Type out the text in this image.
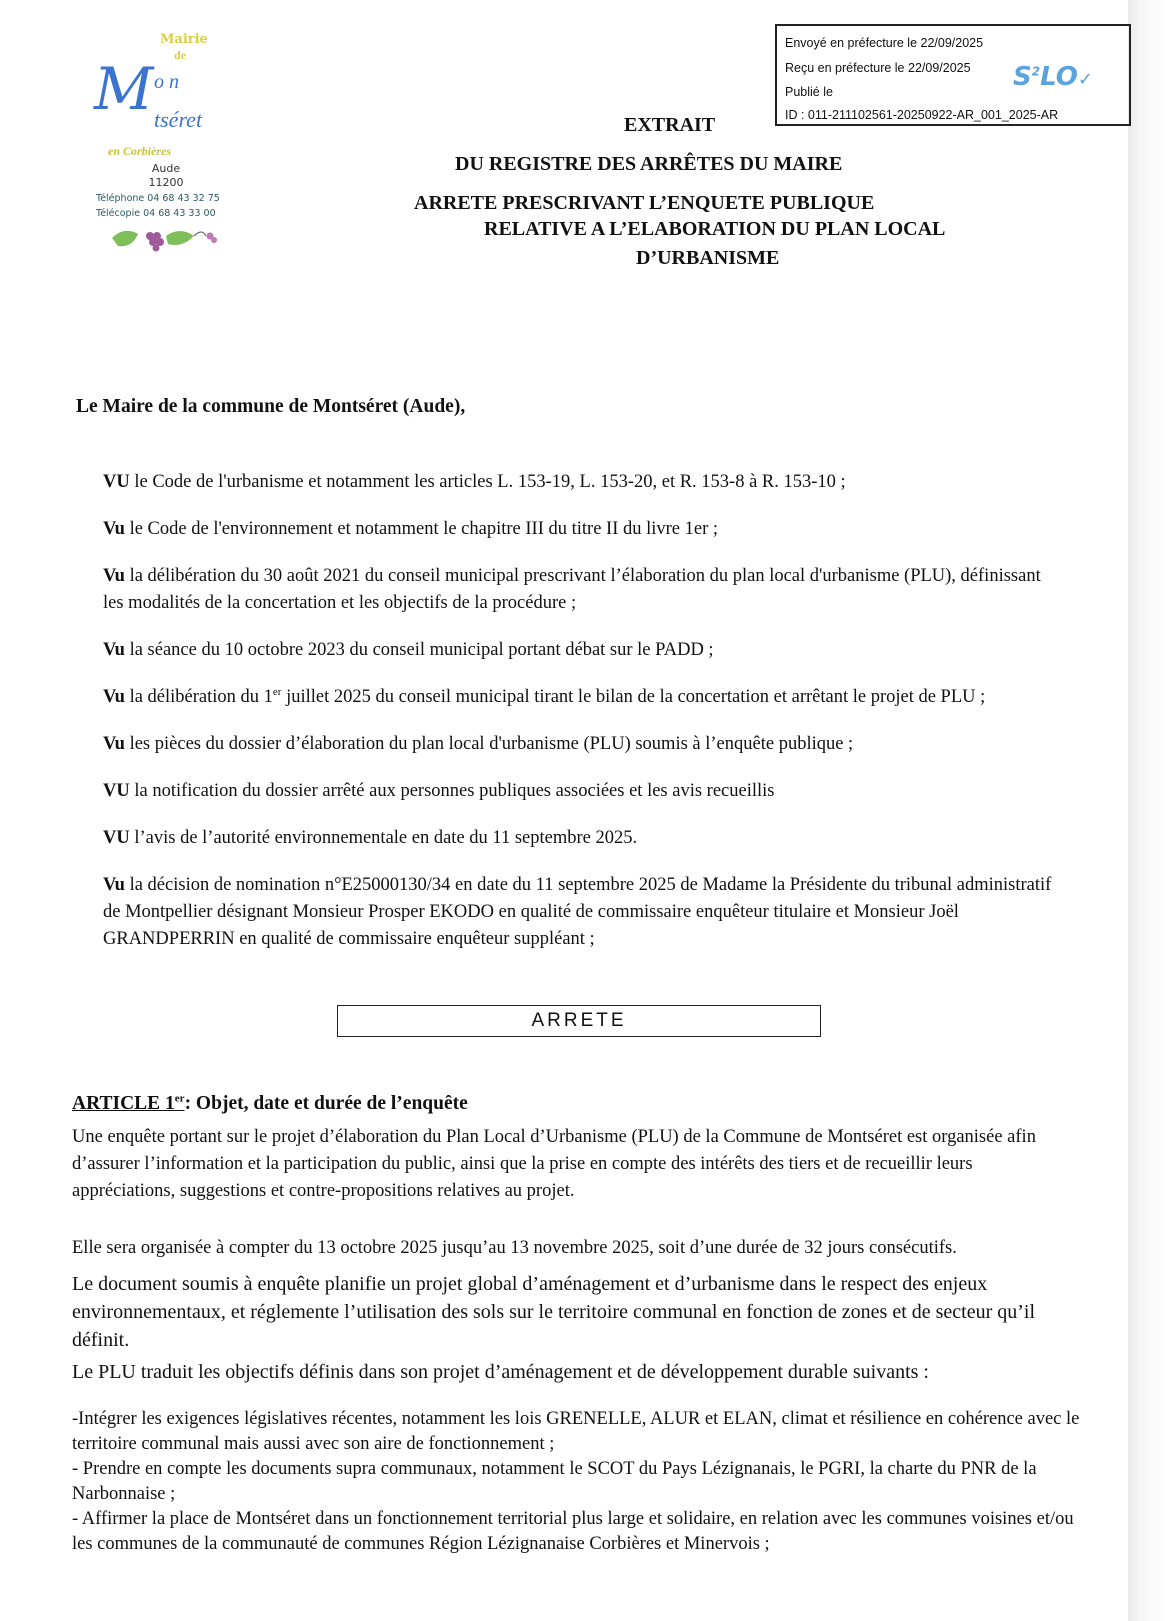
Mairie
de
M o n
tséret
en Corbières
Aude
11200
Téléphone 04 68 43 32 75
Télécopie 04 68 43 33 00
Envoyé en préfecture le 22/09/2025
Reçu en préfecture le 22/09/2025
Publié le
ID : 011-211102561-20250922-AR_001_2025-AR
$S^2LO✓$
EXTRAIT
DU REGISTRE DES ARRÊTES DU MAIRE
ARRETE PRESCRIVANT L’ENQUETE PUBLIQUE
RELATIVE A L’ELABORATION DU PLAN LOCAL
D’URBANISME
Le Maire de la commune de Montséret (Aude),

VU le Code de l'urbanisme et notamment les articles L. 153-19, L. 153-20, et R. 153-8 à R. 153-10 ;

Vu le Code de l'environnement et notamment le chapitre III du titre II du livre 1er ;

Vu la délibération du 30 août 2021 du conseil municipal prescrivant l’élaboration du plan local d'urbanisme (PLU), définissant les modalités de la concertation et les objectifs de la procédure ;

Vu la séance du 10 octobre 2023 du conseil municipal portant débat sur le PADD ;

Vu la délibération du 1er juillet 2025 du conseil municipal tirant le bilan de la concertation et arrêtant le projet de PLU ;

Vu les pièces du dossier d’élaboration du plan local d'urbanisme (PLU) soumis à l’enquête publique ;

VU la notification du dossier arrêté aux personnes publiques associées et les avis recueillis

VU l’avis de l’autorité environnementale en date du 11 septembre 2025.

Vu la décision de nomination n°E25000130/34 en date du 11 septembre 2025 de Madame la Présidente du tribunal administratif de Montpellier désignant Monsieur Prosper EKODO en qualité de commissaire enquêteur titulaire et Monsieur Joël GRANDPERRIN en qualité de commissaire enquêteur suppléant ;

ARRETE
ARTICLE 1er: Objet, date et durée de l’enquête

Une enquête portant sur le projet d’élaboration du Plan Local d’Urbanisme (PLU) de la Commune de Montséret est organisée afin d’assurer l’information et la participation du public, ainsi que la prise en compte des intérêts des tiers et de recueillir leurs appréciations, suggestions et contre-propositions relatives au projet.

Elle sera organisée à compter du 13 octobre 2025 jusqu’au 13 novembre 2025, soit d’une durée de 32 jours consécutifs.

Le document soumis à enquête planifie un projet global d’aménagement et d’urbanisme dans le respect des enjeux environnementaux, et réglemente l’utilisation des sols sur le territoire communal en fonction de zones et de secteur qu’il définit.

Le PLU traduit les objectifs définis dans son projet d’aménagement et de développement durable suivants :

-Intégrer les exigences législatives récentes, notamment les lois GRENELLE, ALUR et ELAN, climat et résilience en cohérence avec le territoire communal mais aussi avec son aire de fonctionnement ;

- Prendre en compte les documents supra communaux, notamment le SCOT du Pays Lézignanais, le PGRI, la charte du PNR de la Narbonnaise ;

- Affirmer la place de Montséret dans un fonctionnement territorial plus large et solidaire, en relation avec les communes voisines et/ou les communes de la communauté de communes Région Lézignanaise Corbières et Minervois ;
